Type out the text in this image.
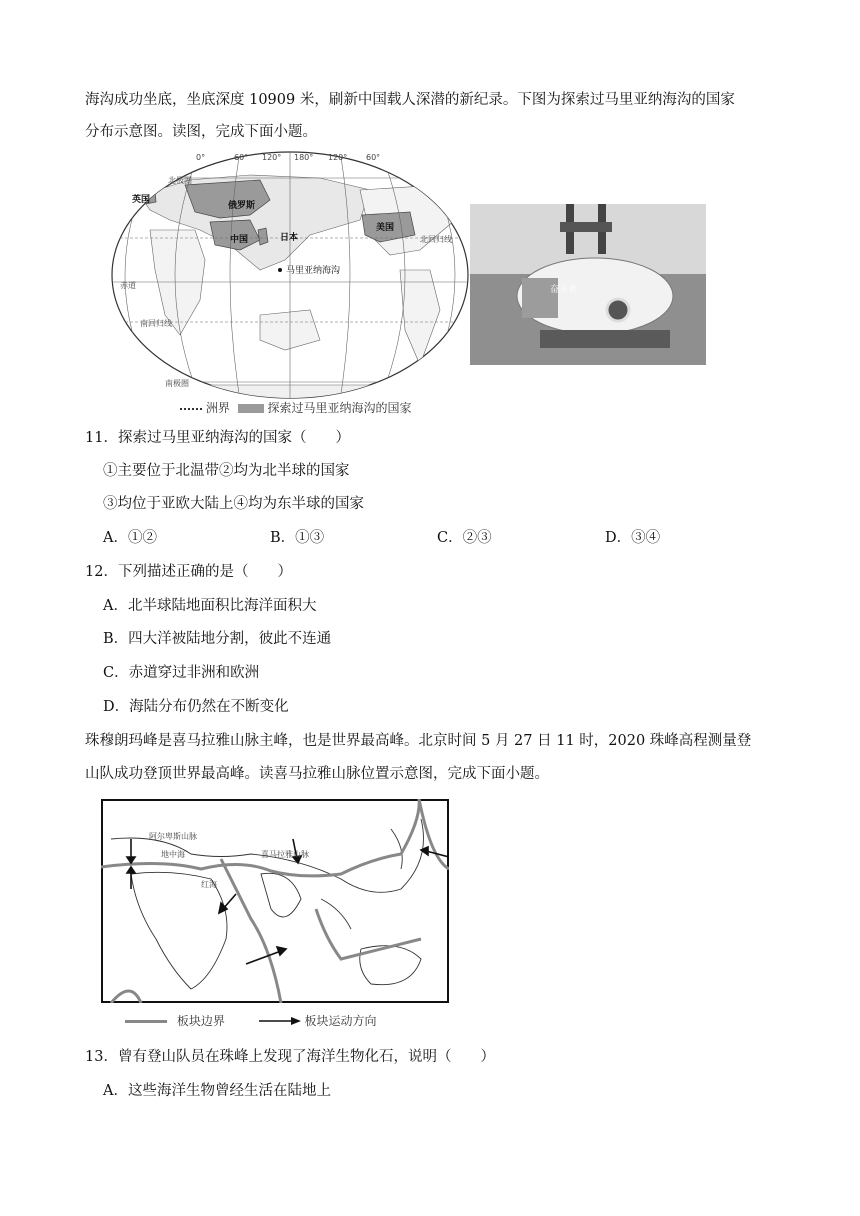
海沟成功坐底，坐底深度 10909 米，刷新中国载人深潜的新纪录。下图为探索过马里亚纳海沟的国家
分布示意图。读图，完成下面小题。
0°	60° 120° 180° 120° 60°
北极圈
北回归线
赤道
南回归线
南极圈
英国
俄罗斯
中国	日本
美国
马里亚纳海沟
洲界	探索过马里亚纳海沟的国家
奋斗者
11．探索过马里亚纳海沟的国家（　　）
①主要位于北温带②均为北半球的国家
③均位于亚欧大陆上④均为东半球的国家
A．①②	B．①③	C．②③	D．③④
12．下列描述正确的是（　　）
A．北半球陆地面积比海洋面积大
B．四大洋被陆地分割，彼此不连通
C．赤道穿过非洲和欧洲
D．海陆分布仍然在不断变化
珠穆朗玛峰是喜马拉雅山脉主峰，也是世界最高峰。北京时间 5 月 27 日 11 时，2020 珠峰高程测量登
山队成功登顶世界最高峰。读喜马拉雅山脉位置示意图，完成下面小题。
阿尔卑斯山脉
地中海
红海
喜马拉雅山脉
板块边界	板块运动方向
13．曾有登山队员在珠峰上发现了海洋生物化石，说明（　　）
A．这些海洋生物曾经生活在陆地上
